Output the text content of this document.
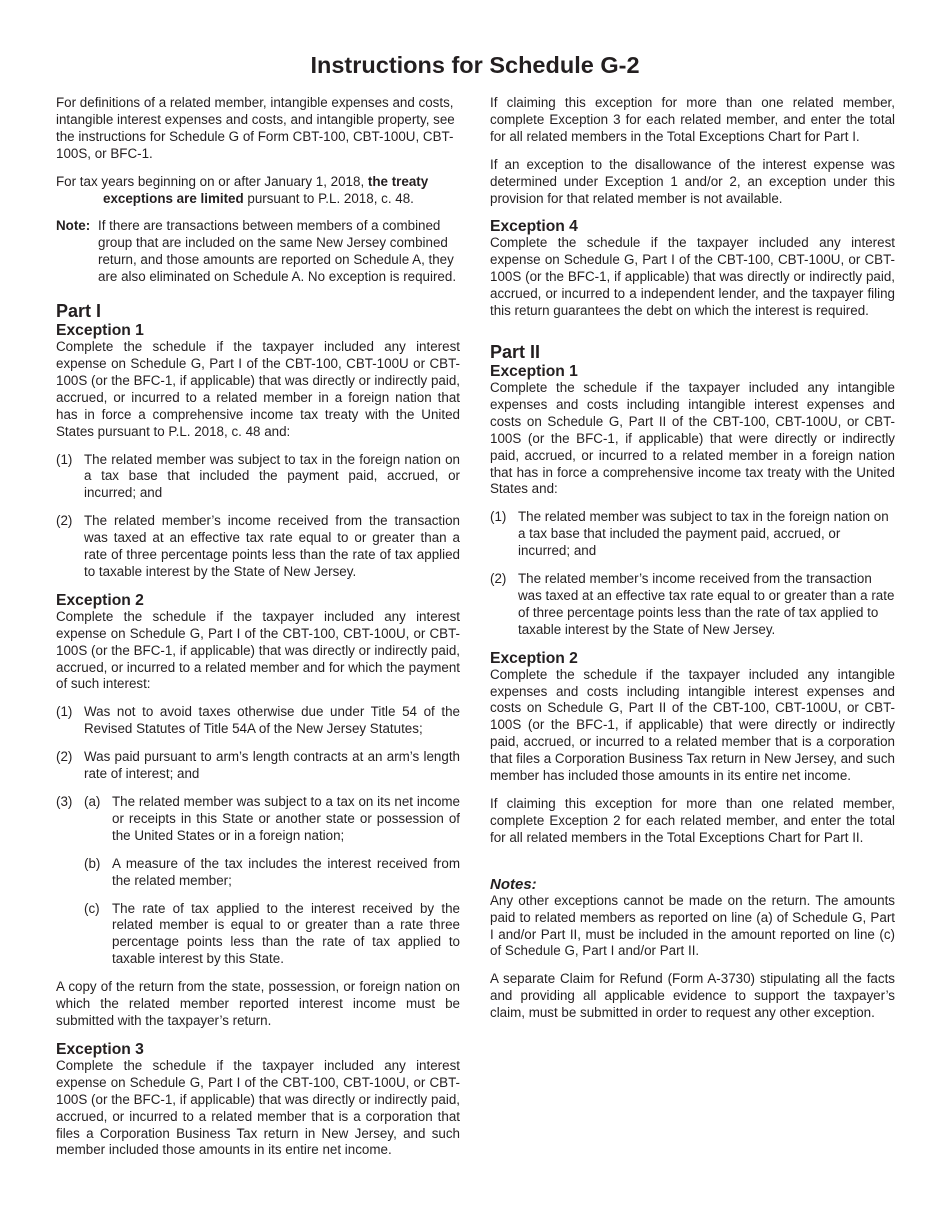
Instructions for Schedule G-2

For definitions of a related member, intangible expenses and costs, intangible interest expenses and costs, and intangible property, see the instructions for Schedule G of Form CBT-100, CBT-100U, CBT-100S, or BFC-1.

For tax years beginning on or after January 1, 2018, the treaty exceptions are limited pursuant to P.L. 2018, c. 48.

Note: If there are transactions between members of a combined group that are included on the same New Jersey combined return, and those amounts are reported on Schedule A, they are also eliminated on Schedule A. No exception is required.
Part I
Exception 1

Complete the schedule if the taxpayer included any interest expense on Schedule G, Part I of the CBT-100, CBT-100U or CBT-100S (or the BFC-1, if applicable) that was directly or indirectly paid, accrued, or incurred to a related member in a foreign nation that has in force a comprehensive income tax treaty with the United States pursuant to P.L. 2018, c. 48 and:

(1) The related member was subject to tax in the foreign nation on a tax base that included the payment paid, accrued, or incurred; and
(2) The related member’s income received from the transaction was taxed at an effective tax rate equal to or greater than a rate of three percentage points less than the rate of tax applied to taxable interest by the State of New Jersey.
Exception 2

Complete the schedule if the taxpayer included any interest expense on Schedule G, Part I of the CBT-100, CBT-100U, or CBT-100S (or the BFC-1, if applicable) that was directly or indirectly paid, accrued, or incurred to a related member and for which the payment of such interest:

(1) Was not to avoid taxes otherwise due under Title 54 of the Revised Statutes of Title 54A of the New Jersey Statutes;
(2) Was paid pursuant to arm’s length contracts at an arm’s length rate of interest; and
(3) (a) The related member was subject to a tax on its net income or receipts in this State or another state or possession of the United States or in a foreign nation;
(b) A measure of the tax includes the interest received from the related member;
(c) The rate of tax applied to the interest received by the related member is equal to or greater than a rate three percentage points less than the rate of tax applied to taxable interest by this State.

A copy of the return from the state, possession, or foreign nation on which the related member reported interest income must be submitted with the taxpayer’s return.

Exception 3

Complete the schedule if the taxpayer included any interest expense on Schedule G, Part I of the CBT-100, CBT-100U, or CBT-100S (or the BFC-1, if applicable) that was directly or indirectly paid, accrued, or incurred to a related member that is a corporation that files a Corporation Business Tax return in New Jersey, and such member included those amounts in its entire net income.

If claiming this exception for more than one related member, complete Exception 3 for each related member, and enter the total for all related members in the Total Exceptions Chart for Part I.

If an exception to the disallowance of the interest expense was determined under Exception 1 and/or 2, an exception under this provision for that related member is not available.

Exception 4

Complete the schedule if the taxpayer included any interest expense on Schedule G, Part I of the CBT-100, CBT-100U, or CBT-100S (or the BFC-1, if applicable) that was directly or indirectly paid, accrued, or incurred to a independent lender, and the taxpayer filing this return guarantees the debt on which the interest is required.

Part II
Exception 1

Complete the schedule if the taxpayer included any intangible expenses and costs including intangible interest expenses and costs on Schedule G, Part II of the CBT-100, CBT-100U, or CBT-100S (or the BFC-1, if applicable) that were directly or indirectly paid, accrued, or incurred to a related member in a foreign nation that has in force a comprehensive income tax treaty with the United States and:

(1) The related member was subject to tax in the foreign nation on a tax base that included the payment paid, accrued, or incurred; and
(2) The related member’s income received from the transaction was taxed at an effective tax rate equal to or greater than a rate of three percentage points less than the rate of tax applied to taxable interest by the State of New Jersey.
Exception 2

Complete the schedule if the taxpayer included any intangible expenses and costs including intangible interest expenses and costs on Schedule G, Part II of the CBT-100, CBT-100U, or CBT-100S (or the BFC-1, if applicable) that were directly or indirectly paid, accrued, or incurred to a related member that is a corporation that files a Corporation Business Tax return in New Jersey, and such member has included those amounts in its entire net income.

If claiming this exception for more than one related member, complete Exception 2 for each related member, and enter the total for all related members in the Total Exceptions Chart for Part II.

Notes:

Any other exceptions cannot be made on the return. The amounts paid to related members as reported on line (a) of Schedule G, Part I and/or Part II, must be included in the amount reported on line (c) of Schedule G, Part I and/or Part II.

A separate Claim for Refund (Form A-3730) stipulating all the facts and providing all applicable evidence to support the taxpayer’s claim, must be submitted in order to request any other exception.
